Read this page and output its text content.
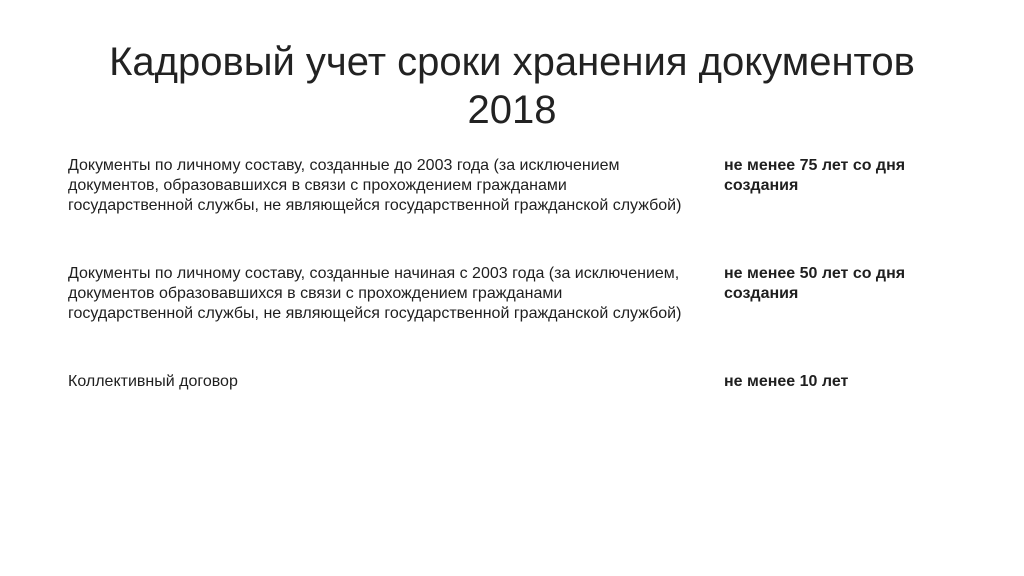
Кадровый учет сроки хранения документов 2018
Документы по личному составу, созданные до 2003 года (за исключением документов, образовавшихся в связи с прохождением гражданами государственной службы, не являющейся государственной гражданской службой)
не менее 75 лет со дня создания
Документы по личному составу, созданные начиная с 2003 года (за исключением, документов образовавшихся в связи с прохождением гражданами государственной службы, не являющейся государственной гражданской службой)
не менее 50 лет со дня создания
Коллективный договор	не менее 10 лет
